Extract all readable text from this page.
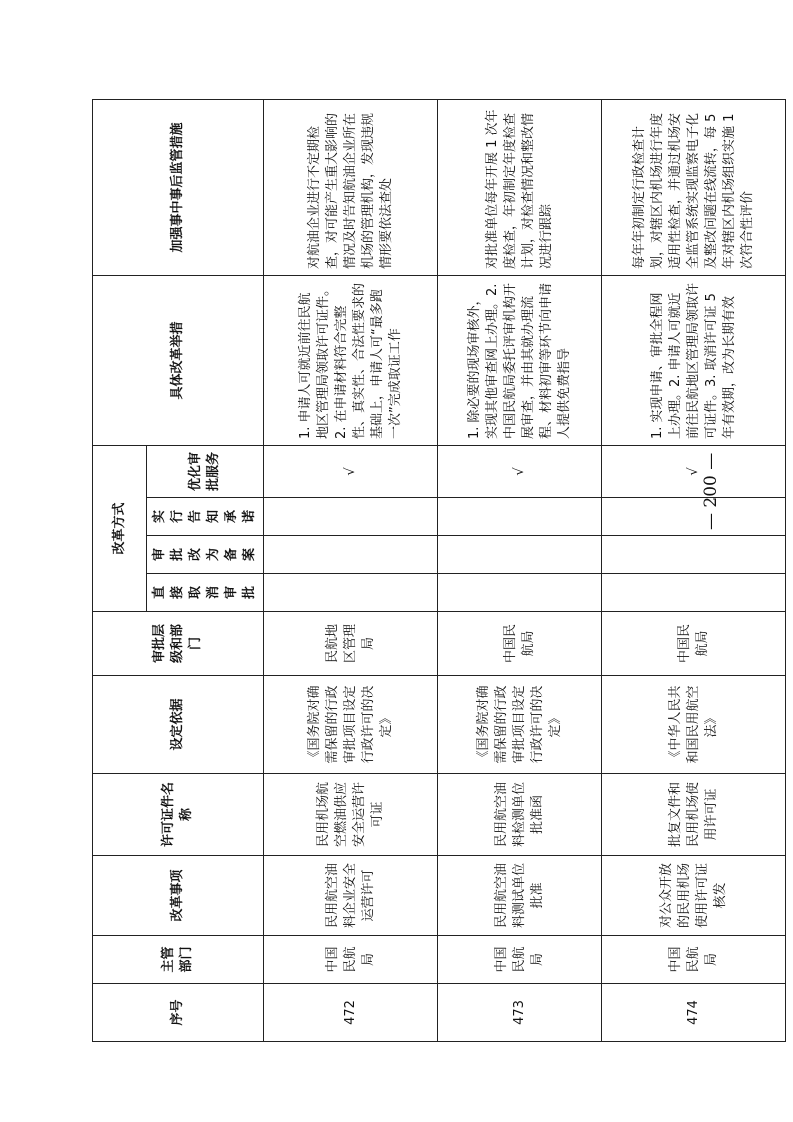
序号	主管部门	改革事项	许可证件名称	设定依据	审批层级和部门	改革方式				具体改革举措	加强事中事后监管措施
						直接取消审批	审批改为备案	实行告知承诺	优化审批服务		
472	中国民航局	民用航空油料企业安全运营许可	民用机场航空燃油供应安全运营许可证	《国务院对确需保留的行政审批项目设定行政许可的决定》	民航地区管理局				√	1. 申请人可就近前往民航地区管理局领取许可证件。2. 在申请材料符合完整性、真实性、合法性要求的基础上，申请人可“最多跑一次”完成取证工作	对航油企业进行不定期检查，对可能产生重大影响的情况及时告知航油企业所在机场的管理机构，发现违规情形要依法查处
473	中国民航局	民用航空油料测试单位批准	民用航空油料检测单位批准函	《国务院对确需保留的行政审批项目设定行政许可的决定》	中国民航局				√	1. 除必要的现场审核外，实现其他审查网上办理。2. 中国民航局委托评审机构开展审查，并由其就办理流程、材料初审等环节向申请人提供免费指导	对批准单位每年开展 1 次年度检查，年初制定年度检查计划，对检查情况和整改情况进行跟踪
474	中国民航局	对公众开放的民用机场使用许可证核发	批复文件和民用机场使用许可证	《中华人民共和国民用航空法》	中国民航局				√	1. 实现申请、审批全程网上办理。2. 申请人可就近前往民航地区管理局领取许可证件。3. 取消许可证 5 年有效期，改为长期有效	每年年初制定行政检查计划，对辖区内机场进行年度适用性检查，并通过机场安全监管系统实现监察电子化及整改问题在线流转，每 5 年对辖区内机场组织实施 1 次符合性评价
— 200 —
